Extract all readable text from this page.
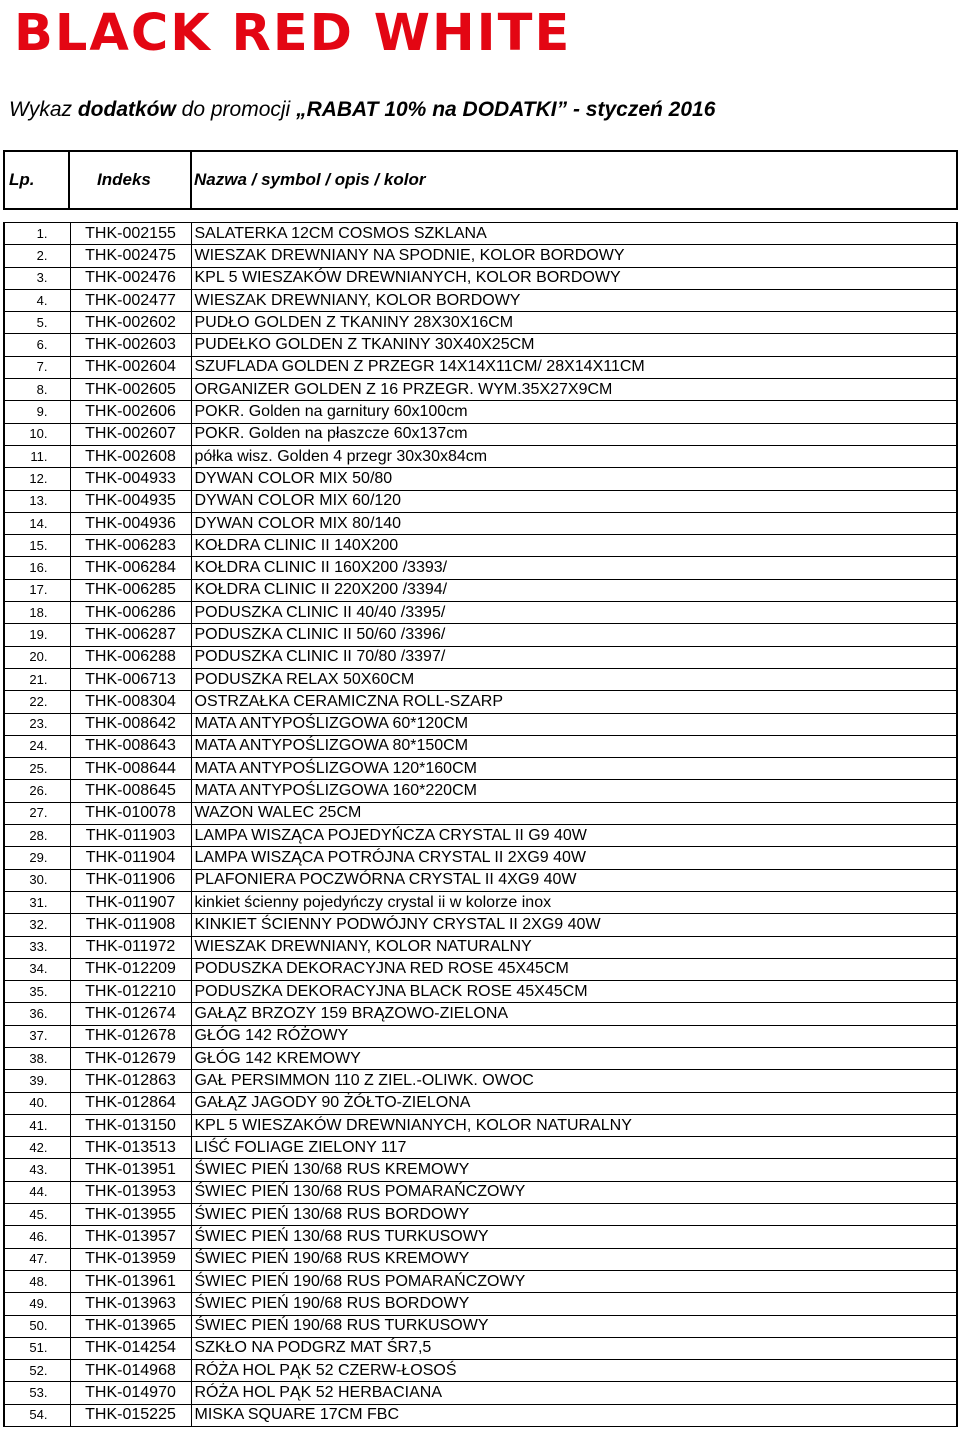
BLACK RED WHITE
Wykaz dodatków do promocji „RABAT 10% na DODATKI” - styczeń 2016
Lp.	Indeks	Nazwa / symbol / opis / kolor
1.	THK-002155	SALATERKA 12CM COSMOS SZKLANA
2.	THK-002475	WIESZAK DREWNIANY NA SPODNIE, KOLOR BORDOWY
3.	THK-002476	KPL 5 WIESZAKÓW DREWNIANYCH, KOLOR BORDOWY
4.	THK-002477	WIESZAK DREWNIANY, KOLOR BORDOWY
5.	THK-002602	PUDŁO GOLDEN Z TKANINY 28X30X16CM
6.	THK-002603	PUDEŁKO GOLDEN Z TKANINY 30X40X25CM
7.	THK-002604	SZUFLADA GOLDEN Z PRZEGR 14X14X11CM/ 28X14X11CM
8.	THK-002605	ORGANIZER GOLDEN Z 16 PRZEGR. WYM.35X27X9CM
9.	THK-002606	POKR. Golden na garnitury 60x100cm
10.	THK-002607	POKR. Golden na płaszcze 60x137cm
11.	THK-002608	półka wisz. Golden 4 przegr 30x30x84cm
12.	THK-004933	DYWAN COLOR MIX 50/80
13.	THK-004935	DYWAN COLOR MIX 60/120
14.	THK-004936	DYWAN COLOR MIX 80/140
15.	THK-006283	KOŁDRA CLINIC II 140X200
16.	THK-006284	KOŁDRA CLINIC II 160X200 /3393/
17.	THK-006285	KOŁDRA CLINIC II 220X200 /3394/
18.	THK-006286	PODUSZKA CLINIC II 40/40 /3395/
19.	THK-006287	PODUSZKA CLINIC II 50/60 /3396/
20.	THK-006288	PODUSZKA CLINIC II 70/80 /3397/
21.	THK-006713	PODUSZKA RELAX 50X60CM
22.	THK-008304	OSTRZAŁKA CERAMICZNA ROLL-SZARP
23.	THK-008642	MATA ANTYPOŚLIZGOWA 60*120CM
24.	THK-008643	MATA ANTYPOŚLIZGOWA 80*150CM
25.	THK-008644	MATA ANTYPOŚLIZGOWA 120*160CM
26.	THK-008645	MATA ANTYPOŚLIZGOWA 160*220CM
27.	THK-010078	WAZON WALEC 25CM
28.	THK-011903	LAMPA WISZĄCA POJEDYŃCZA CRYSTAL II G9 40W
29.	THK-011904	LAMPA WISZĄCA POTRÓJNA CRYSTAL II 2XG9 40W
30.	THK-011906	PLAFONIERA POCZWÓRNA CRYSTAL II 4XG9 40W
31.	THK-011907	kinkiet ścienny pojedyńczy crystal ii w kolorze inox
32.	THK-011908	KINKIET ŚCIENNY PODWÓJNY CRYSTAL II 2XG9 40W
33.	THK-011972	WIESZAK DREWNIANY, KOLOR NATURALNY
34.	THK-012209	PODUSZKA DEKORACYJNA RED ROSE 45X45CM
35.	THK-012210	PODUSZKA DEKORACYJNA BLACK ROSE 45X45CM
36.	THK-012674	GAŁĄZ BRZOZY 159 BRĄZOWO-ZIELONA
37.	THK-012678	GŁÓG 142 RÓŻOWY
38.	THK-012679	GŁÓG 142 KREMOWY
39.	THK-012863	GAŁ PERSIMMON 110 Z ZIEL.-OLIWK. OWOC
40.	THK-012864	GAŁĄZ JAGODY 90 ŻÓŁTO-ZIELONA
41.	THK-013150	KPL 5 WIESZAKÓW DREWNIANYCH, KOLOR NATURALNY
42.	THK-013513	LIŚĆ FOLIAGE ZIELONY 117
43.	THK-013951	ŚWIEC PIEŃ 130/68 RUS KREMOWY
44.	THK-013953	ŚWIEC PIEŃ 130/68 RUS POMARAŃCZOWY
45.	THK-013955	ŚWIEC PIEŃ 130/68 RUS BORDOWY
46.	THK-013957	ŚWIEC PIEŃ 130/68 RUS TURKUSOWY
47.	THK-013959	ŚWIEC PIEŃ 190/68 RUS KREMOWY
48.	THK-013961	ŚWIEC PIEŃ 190/68 RUS POMARAŃCZOWY
49.	THK-013963	ŚWIEC PIEŃ 190/68 RUS BORDOWY
50.	THK-013965	ŚWIEC PIEŃ 190/68 RUS TURKUSOWY
51.	THK-014254	SZKŁO NA PODGRZ MAT ŚR7,5
52.	THK-014968	RÓŻA HOL PĄK 52 CZERW-ŁOSOŚ
53.	THK-014970	RÓŻA HOL PĄK 52 HERBACIANA
54.	THK-015225	MISKA SQUARE 17CM FBC
